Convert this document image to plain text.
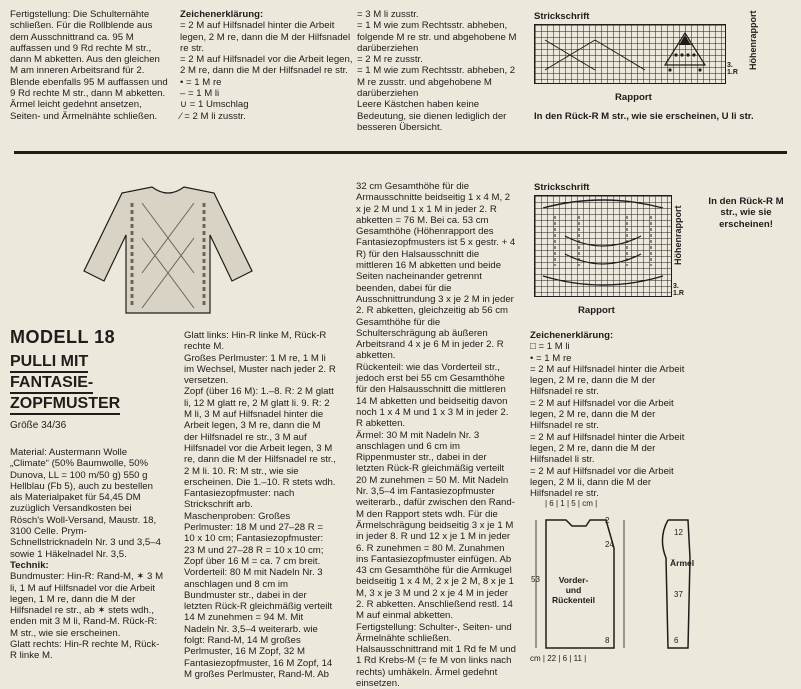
Fertigstellung: Die Schulternähte schließen. Für die Rollblende aus dem Ausschnittrand ca. 95 M auffassen und 9 Rd rechte M str., dann M abketten. Aus den gleichen M am inneren Arbeitsrand für 2. Blende ebenfalls 95 M auffassen und 9 Rd rechte M str., dann M abketten. Ärmel leicht gedehnt ansetzen, Seiten- und Ärmelnähte schließen.

Zeichenerklärung:

= 2 M auf Hilfsnadel hinter die Arbeit legen, 2 M re, dann die M der Hilfsnadel re str.

= 2 M auf Hilfsnadel vor die Arbeit legen, 2 M re, dann die M der Hilfsnadel re str.

• = 1 M re

– = 1 M li

∪ = 1 Umschlag

⁄ = 2 M li zusstr.

= 3 M li zusstr.

= 1 M wie zum Rechtsstr. abheben, folgende M re str. und abgehobene M darüberziehen

= 2 M re zusstr.

= 1 M wie zum Rechtsstr. abheben, 2 M re zusstr. und abgehobene M darüberziehen

Leere Kästchen haben keine Bedeutung, sie dienen lediglich der besseren Übersicht.

Strickschrift	Höhenrapport
3.
1.R
Rapport
In den Rück-R M str., wie sie erscheinen, U li str.
MODELL 18
PULLI MIT
FANTASIE-
ZOPFMUSTER
Größe 34/36

Material: Austermann Wolle „Climate“ (50% Baumwolle, 50% Dunova, LL = 100 m/50 g) 550 g Hellblau (Fb 5), auch zu bestellen als Materialpaket für 54,45 DM zuzüglich Versandkosten bei Rösch's Woll-Versand, Maustr. 18, 3100 Celle. Prym-Schnellstricknadeln Nr. 3 und 3,5–4 sowie 1 Häkelnadel Nr. 3,5.

Technik:

Bundmuster: Hin-R: Rand-M, ✶ 3 M li, 1 M auf Hilfsnadel vor die Arbeit legen, 1 M re, dann die M der Hilfsnadel re str., ab ✶ stets wdh., enden mit 3 M li, Rand-M. Rück-R: M str., wie sie erscheinen.

Glatt rechts: Hin-R rechte M, Rück-R linke M.

Glatt links: Hin-R linke M, Rück-R rechte M.
Großes Perlmuster: 1 M re, 1 M li im Wechsel, Muster nach jeder 2. R versetzen.
Zopf (über 16 M): 1.–8. R: 2 M glatt li, 12 M glatt re, 2 M glatt li. 9. R: 2 M li, 3 M auf Hilfsnadel hinter die Arbeit legen, 3 M re, dann die M der Hilfsnadel re str., 3 M auf Hilfsnadel vor die Arbeit legen, 3 M re, dann die M der Hilfsnadel re str., 2 M li. 10. R: M str., wie sie erscheinen. Die 1.–10. R stets wdh.
Fantasiezopfmuster: nach Strickschrift arb.
Maschenproben: Großes Perlmuster: 18 M und 27–28 R = 10 x 10 cm; Fantasiezopfmuster: 23 M und 27–28 R = 10 x 10 cm; Zopf über 16 M = ca. 7 cm breit.
Vorderteil: 80 M mit Nadeln Nr. 3 anschlagen und 8 cm im Bundmuster str., dabei in der letzten Rück-R gleichmäßig verteilt 14 M zunehmen = 94 M. Mit Nadeln Nr. 3,5–4 weiterarb. wie folgt: Rand-M, 14 M großes Perlmuster, 16 M Zopf, 32 M Fantasiezopfmuster, 16 M Zopf, 14 M großes Perlmuster, Rand-M. Ab

32 cm Gesamthöhe für die Armausschnitte beidseitig 1 x 4 M, 2 x je 2 M und 1 x 1 M in jeder 2. R abketten = 76 M. Bei ca. 53 cm Gesamthöhe (Höhenrapport des Fantasiezopfmusters ist 5 x gestr. + 4 R) für den Halsausschnitt die mittleren 16 M abketten und beide Seiten nacheinander getrennt beenden, dabei für die Ausschnittrundung 3 x je 2 M in jeder 2. R abketten, gleichzeitig ab 56 cm Gesamthöhe für die Schulterschrägung ab äußeren Arbeitsrand 4 x je 6 M in jeder 2. R abketten.
Rückenteil: wie das Vorderteil str., jedoch erst bei 55 cm Gesamthöhe für den Halsausschnitt die mittleren 14 M abketten und beidseitig davon noch 1 x 4 M und 1 x 3 M in jeder 2. R abketten.
Ärmel: 30 M mit Nadeln Nr. 3 anschlagen und 6 cm im Rippenmuster str., dabei in der letzten Rück-R gleichmäßig verteilt 20 M zunehmen = 50 M. Mit Nadeln Nr. 3,5–4 im Fantasiezopfmuster weiterarb., dafür zwischen den Rand-M den Rapport stets wdh. Für die Ärmelschrägung beidseitig 3 x je 1 M in jeder 8. R und 12 x je 1 M in jeder 6. R zunehmen = 80 M. Zunahmen ins Fantasiezopfmuster einfügen. Ab 43 cm Gesamthöhe für die Armkugel beidseitig 1 x 4 M, 2 x je 2 M, 8 x je 1 M, 3 x je 3 M und 2 x je 4 M in jeder 2. R abketten. Anschließend restl. 14 M auf einmal abketten.
Fertigstellung: Schulter-, Seiten- und Ärmelnähte schließen. Halsausschnittrand mit 1 Rd fe M und 1 Rd Krebs-M (= fe M von links nach rechts) umhäkeln. Ärmel gedehnt einsetzen.

Strickschrift
Höhenrapport
3.
1.R
Rapport
In den Rück-R M str., wie sie erscheinen!

Zeichenerklärung:

□ = 1 M li

• = 1 M re

= 2 M auf Hilfsnadel hinter die Arbeit legen, 2 M re, dann die M der Hilfsnadel re str.

= 2 M auf Hilfsnadel vor die Arbeit legen, 2 M re, dann die M der Hilfsnadel re str.

= 2 M auf Hilfsnadel hinter die Arbeit legen, 2 M re, dann die M der Hilfsnadel li str.

= 2 M auf Hilfsnadel vor die Arbeit legen, 2 M li, dann die M der Hilfsnadel re str.

| 6 | 1 | 5 | cm |
cm | 22 | 6 | 11 |
Vorder-
und
Rückenteil
Ärmel
53
24
12
37
8	6
2
